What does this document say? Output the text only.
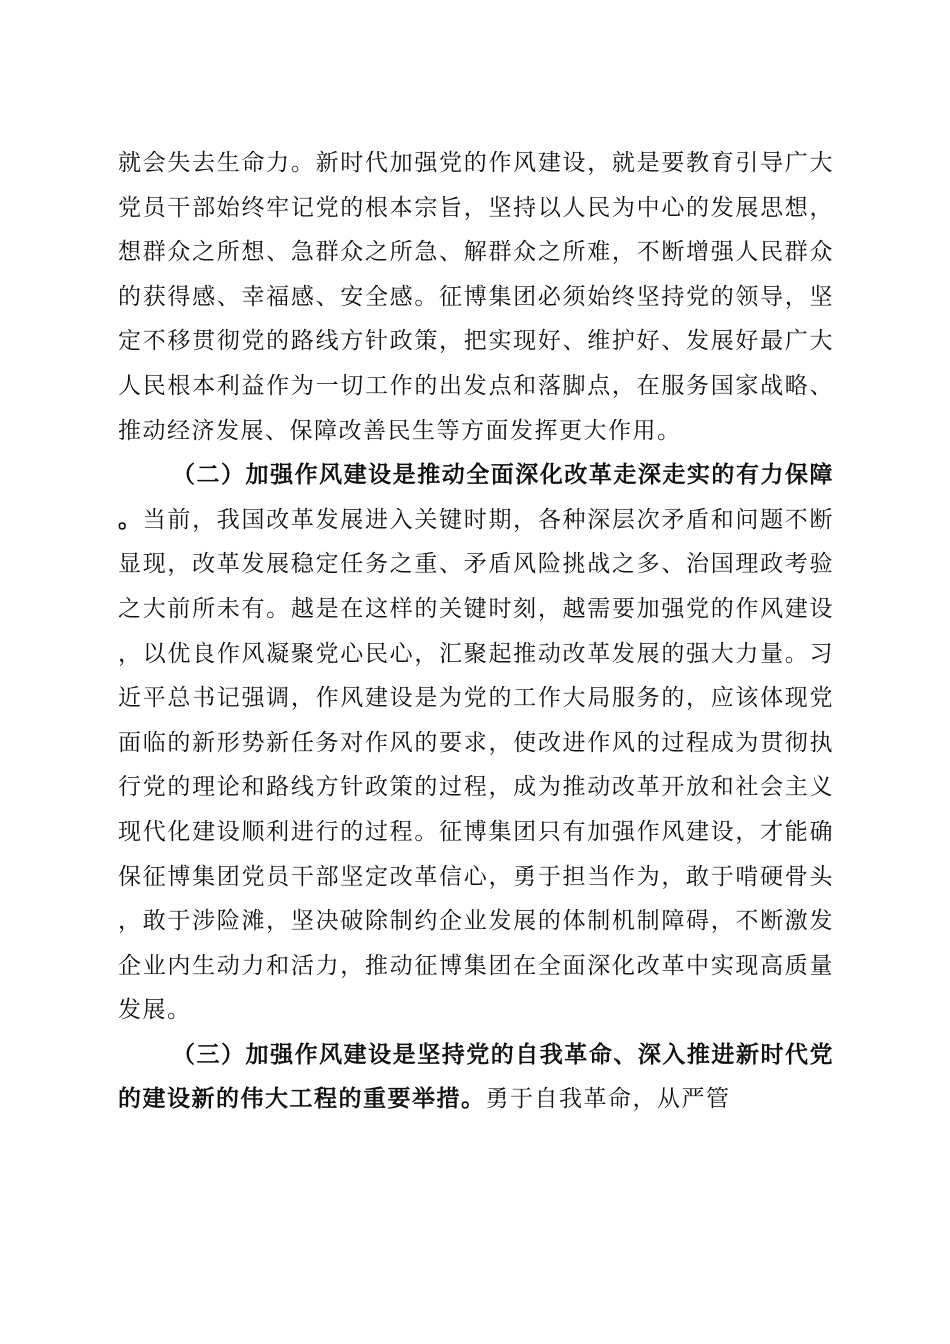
就会失去生命力。新时代加强党的作风建设，就是要教育引导广大党员干部始终牢记党的根本宗旨，坚持以人民为中心的发展思想，想群众之所想、急群众之所急、解群众之所难，不断增强人民群众的获得感、幸福感、安全感。征博集团必须始终坚持党的领导，坚定不移贯彻党的路线方针政策，把实现好、维护好、发展好最广大人民根本利益作为一切工作的出发点和落脚点，在服务国家战略、推动经济发展、保障改善民生等方面发挥更大作用。

（二）加强作风建设是推动全面深化改革走深走实的有力保障。当前，我国改革发展进入关键时期，各种深层次矛盾和问题不断显现，改革发展稳定任务之重、矛盾风险挑战之多、治国理政考验之大前所未有。越是在这样的关键时刻，越需要加强党的作风建设，以优良作风凝聚党心民心，汇聚起推动改革发展的强大力量。习近平总书记强调，作风建设是为党的工作大局服务的，应该体现党面临的新形势新任务对作风的要求，使改进作风的过程成为贯彻执行党的理论和路线方针政策的过程，成为推动改革开放和社会主义现代化建设顺利进行的过程。征博集团只有加强作风建设，才能确保征博集团党员干部坚定改革信心，勇于担当作为，敢于啃硬骨头，敢于涉险滩，坚决破除制约企业发展的体制机制障碍，不断激发企业内生动力和活力，推动征博集团在全面深化改革中实现高质量发展。

（三）加强作风建设是坚持党的自我革命、深入推进新时代党的建设新的伟大工程的重要举措。勇于自我革命，从严管
